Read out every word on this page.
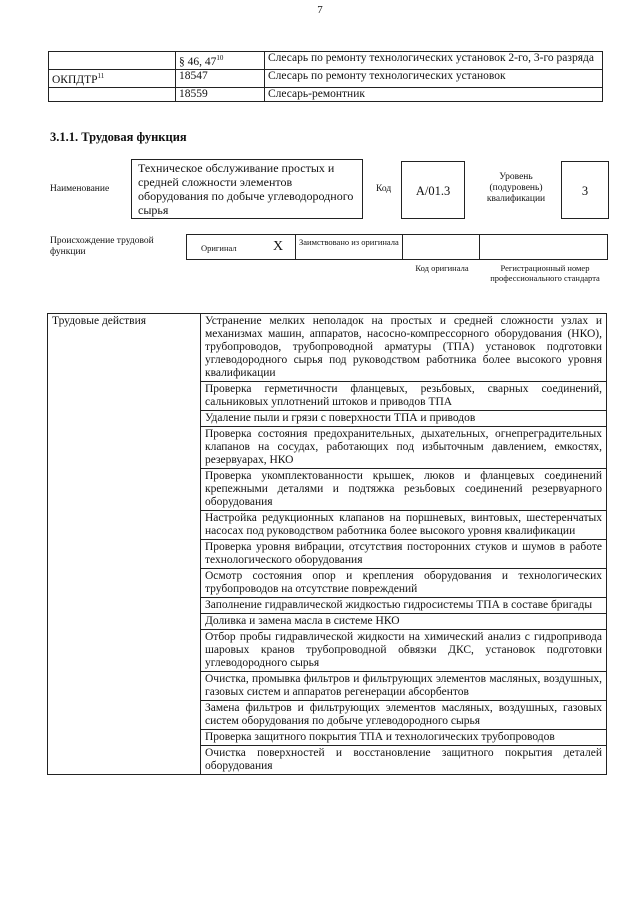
7
	§ 46, $47^{10}$	Слесарь по ремонту технологических установок 2-го, 3-го разряда
ОКПДТР$^{11}$	18547	Слесарь по ремонту технологических установок
	18559	Слесарь-ремонтник
3.1.1. Трудовая функция
Наименование
Техническое обслуживание простых и средней сложности элементов оборудования по добыче углеводородного сырья
Код	А/01.3
Уровень (подуровень) квалификации
3
Происхождение трудовой функции	Оригинал	X Заимствовано из оригинала
Код оригинала	Регистрационный номер профессионального стандарта
Трудовые действия	Устранение мелких неполадок на простых и средней сложности узлах и механизмах машин, аппаратов, насосно-компрессорного оборудования (НКО), трубопроводов, трубопроводной арматуры (ТПА) установок подготовки углеводородного сырья под руководством работника более высокого уровня квалификации
Проверка герметичности фланцевых, резьбовых, сварных соединений, сальниковых уплотнений штоков и приводов ТПА
Удаление пыли и грязи с поверхности ТПА и приводов
Проверка состояния предохранительных, дыхательных, огнепреградительных клапанов на сосудах, работающих под избыточным давлением, емкостях, резервуарах, НКО
Проверка укомплектованности крышек, люков и фланцевых соединений крепежными деталями и подтяжка резьбовых соединений резервуарного оборудования
Настройка редукционных клапанов на поршневых, винтовых, шестеренчатых насосах под руководством работника более высокого уровня квалификации
Проверка уровня вибрации, отсутствия посторонних стуков и шумов в работе технологического оборудования
Осмотр состояния опор и крепления оборудования и технологических трубопроводов на отсутствие повреждений
Заполнение гидравлической жидкостью гидросистемы ТПА в составе бригады
Доливка и замена масла в системе НКО
Отбор пробы гидравлической жидкости на химический анализ с гидропривода шаровых кранов трубопроводной обвязки ДКС, установок подготовки углеводородного сырья
Очистка, промывка фильтров и фильтрующих элементов масляных, воздушных, газовых систем и аппаратов регенерации абсорбентов
Замена фильтров и фильтрующих элементов масляных, воздушных, газовых систем оборудования по добыче углеводородного сырья
Проверка защитного покрытия ТПА и технологических трубопроводов
Очистка поверхностей и восстановление защитного покрытия деталей оборудования
